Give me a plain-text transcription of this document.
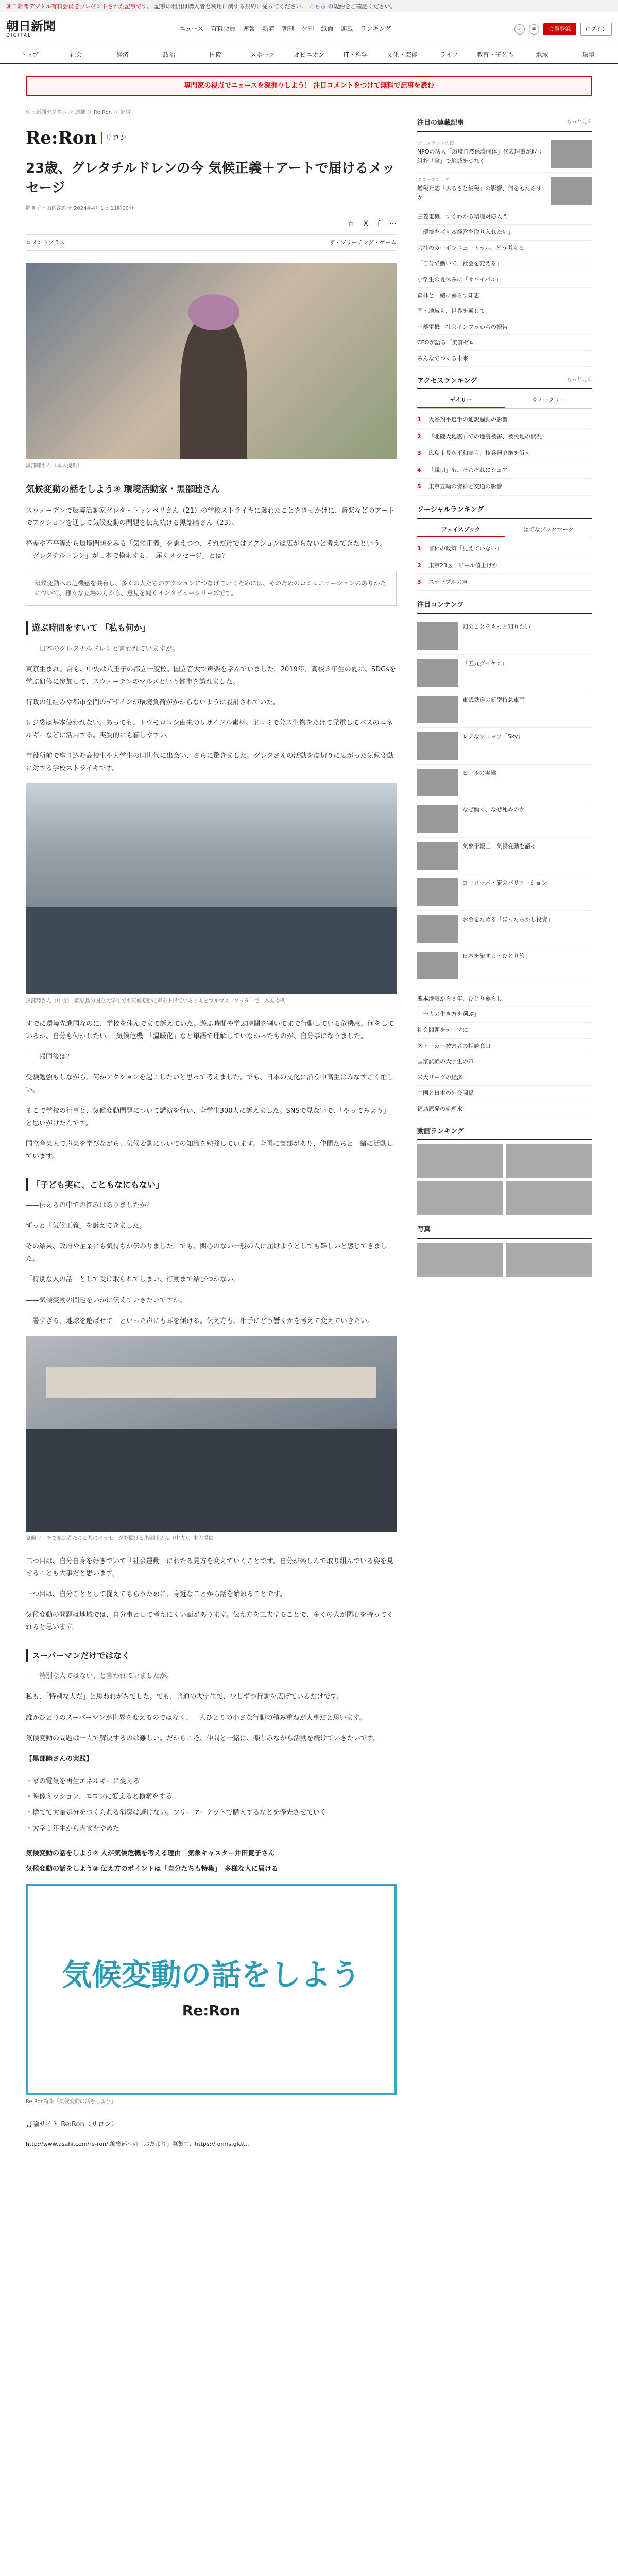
朝日新聞デジタル有料会員をプレゼントされた記事です。 記事の利用は購入者と利用に関する規約に従ってください。 こちら の規約をご確認ください。
朝日新聞
DIGITAL
ニュース 有料会員 速報 新着 朝刊 夕刊 紙面 連載 ランキング	⌕	≡	会員登録	ログイン
トップ	社会	経済	政治	国際	スポーツ	オピニオン	IT・科学	文化・芸能	ライフ	教育・子ども	地域	環境
専門家の視点でニュースを深掘りしよう！ 注目コメントをつけて無料で記事を読む
朝日新聞デジタル ＞ 連載 ＞ Re:Ron ＞ 記事
Re:Ron	リロン
23歳、グレタチルドレンの今 気候正義＋アートで届けるメッセージ
聞き手・山内深紗子 2024年4月1日 11時00分
☆ X f ⋯
コメントプラス	ザ・ブリーチング・ゲーム
黒部睦さん（本人提供）
気候変動の話をしよう③ 環境活動家・黒部睦さん

スウェーデンで環境活動家グレタ・トゥンベリさん（21）の学校ストライキに触れたことをきっかけに、音楽などのアートでアクションを通して気候変動の問題を伝え続ける黒部睦さん（23）。

格差や不平等から環境問題をみる「気候正義」を訴えつつ、それだけではアクションは広がらないと考えてきたという。「グレタチルドレン」が日本で模索する、「届くメッセージ」とは？

気候変動への危機感を共有し、多くの人たちのアクションにつなげていくためには、そのためのコミュニケーションのありかたについて、様々な立場の方から、意見を聞くインタビューシリーズです。
遊ぶ時間をすいて 「私も何か」

――日本のグレタチルドレンと言われていますが。

東京生まれ。常も、中央は八王子の都立一度校。国立音大で声楽を学んでいました。2019年、高校３年生の夏に、SDGsを学ぶ研修に参加して、スウェーデンのマルメという都市を訪れました。

行政の仕組みや都市空間のデザインが環境負荷がかからないように設計されていた。

レジ袋は基本使われない。あっても、トウモロコシ由来のリサイクル素材。主コミで分ス生物をたけて発電してバスのエネルギーなどに活用する。実質的にも暮しやすい。

市役所前で座り込む高校生や大学生の同世代に出会い、さらに驚きました。グレタさんの活動を皮切りに広がった気候変動に対する学校ストライキです。

黒部睦さん（中央）。鹿児島の国立大学生でも気候変動に声を上げている方々とマルマスーソッターで。本人提供

すでに環境先進国なのに、学校を休んでまで訴えていた。遊ぶ時間や学ぶ時間を割いてまで行動している危機感。何をしているか、自分も何かしたい。「気候危機」「温暖化」など単語で理解していなかったものが、自分事になりました。

――帰国後は？

受験勉強もしながら、何かアクションを起こしたいと思って考えました。でも、日本の文化に沿う中高生はみなすごく忙しい。

そこで学校の行事と、気候変動問題について講演を行い、全学生300人に訴えました。SNSで見ないで、「やってみよう」と思いがけたんです。

国立音楽大で声楽を学びながら、気候変動についての知識を勉強しています。全国に支部があり、仲間たちと一緒に活動しています。

「子ども実に、こともなにもない」

――伝えるの中での悩みはありましたか？

ずっと「気候正義」を訴えてきました。

その結果、政府や企業にも気持ちが伝わりました。でも、関心のない一般の人に届けようとしても難しいと感じてきました。

「特別な人の話」として受け取られてしまい、行動まで結びつかない。

――気候変動の問題をいかに伝えていきたいですか。

「暑すぎる、地球を遊ばせて」といった声にも耳を傾ける。伝え方も、相手にどう響くかを考えて変えていきたい。

気候マーチで参加者たちと共にメッセージを掲げる黒部睦さん（中央）。本人提供

二つ目は、自分自身を好きでいて「社会運動」にわたる見方を変えていくことです。自分が楽しんで取り組んでいる姿を見せることも大事だと思います。

三つ目は、自分ごととして捉えてもらうために、身近なことから話を始めることです。

気候変動の問題は地域では、自分事として考えにくい面があります。伝え方を工夫することで、多くの人が関心を持ってくれると思います。

スーパーマンだけではなく

――特別な人ではない、と言われていましたが。

私も、「特別な人だ」と思われがちでした。でも、普通の大学生で、少しずつ行動を広げているだけです。

誰かひとりのスーパーマンが世界を変えるのではなく、一人ひとりの小さな行動の積み重ねが大事だと思います。

気候変動の問題は一人で解決するのは難しい。だからこそ、仲間と一緒に、楽しみながら活動を続けていきたいです。

【黒部睦さんの実践】

・家の電気を再生エネルギーに変える
・映像ミッション、エコンに変えると検索をする
・捨てて大量処分をつくられる消臭は避けない。フリーマーケットで購入するなどを優先させていく
・大学１年生から肉食をやめた

気候変動の話をしよう② 人が気候危機を考える理由　気象キャスター井田寛子さん

気候変動の話をしよう③ 伝え方のポイントは「自分たちも特集」　多様な人に届ける

気候変動の話をしよう
Re:Ron
Re:Ron特集「気候変動の話をしよう」

言論サイト Re:Ron（リロン）

http://www.asahi.com/re-ron/ 編集部への「おたより」募集中：https://forms.gle/...

注目の連載記事	もっと見る
プロメテウスの罠
NPOの法人「環境自然保護団体」代表理事が取り組む「食」で地域をつなぐ
クローズアップ
増税対応「ふるさと納税」の影響、何をもたらすか
三菱電機、すぐわかる環境対応入門
「環境を考える経営を取り入れたい」
会社のカーボンニュートラル、どう考える
「自分で動いて、社会を変える」
小学生の夏休みに「サバイバル」
森林と一緒に暮らす知恵
国・地域も、世界を通じて
三菱電機　社会インフラからの報告
CEOが語る「実質ゼロ」
みんなでつくる未来
アクセスランキング	もっと見る
デイリー	ウィークリー
1	大谷翔平選手の通訳騒動の影響
2	「北陸大地震」での地震被害、被災地の状況
3	広島市長が平和宣言、核兵器廃絶を訴え
4	「親切」も、それぞれにシェア
5	東京五輪の資料と交通の影響
ソーシャルランキング
フェイスブック	はてなブックマーク
1	首相の政策「見えていない」
2	東京23区、ビール値上げか
3	スナップルの声
注目コンテンツ
知のことをもっと知りたい
「五九グッケン」
東武鉄道の新型特急車両
レアなショップ「Sky」
ビールの実態
なぜ働く、なぜ死ぬのか
気象予報士、気候変動を語る
ヨーロッパ・旅のバリエーション
お金をためる「ほったらかし投資」
日本を旅する・ひとり旅
熊本地震から８年、ひとり暮らし
「一人の生き方を選ぶ」
社会問題をテーマに
ストーカー被害者の相談窓口
国家試験の大学生の声
米大リーグの経済
中国と日本の外交関係
福島原発の処理水
動画ランキング
写真
